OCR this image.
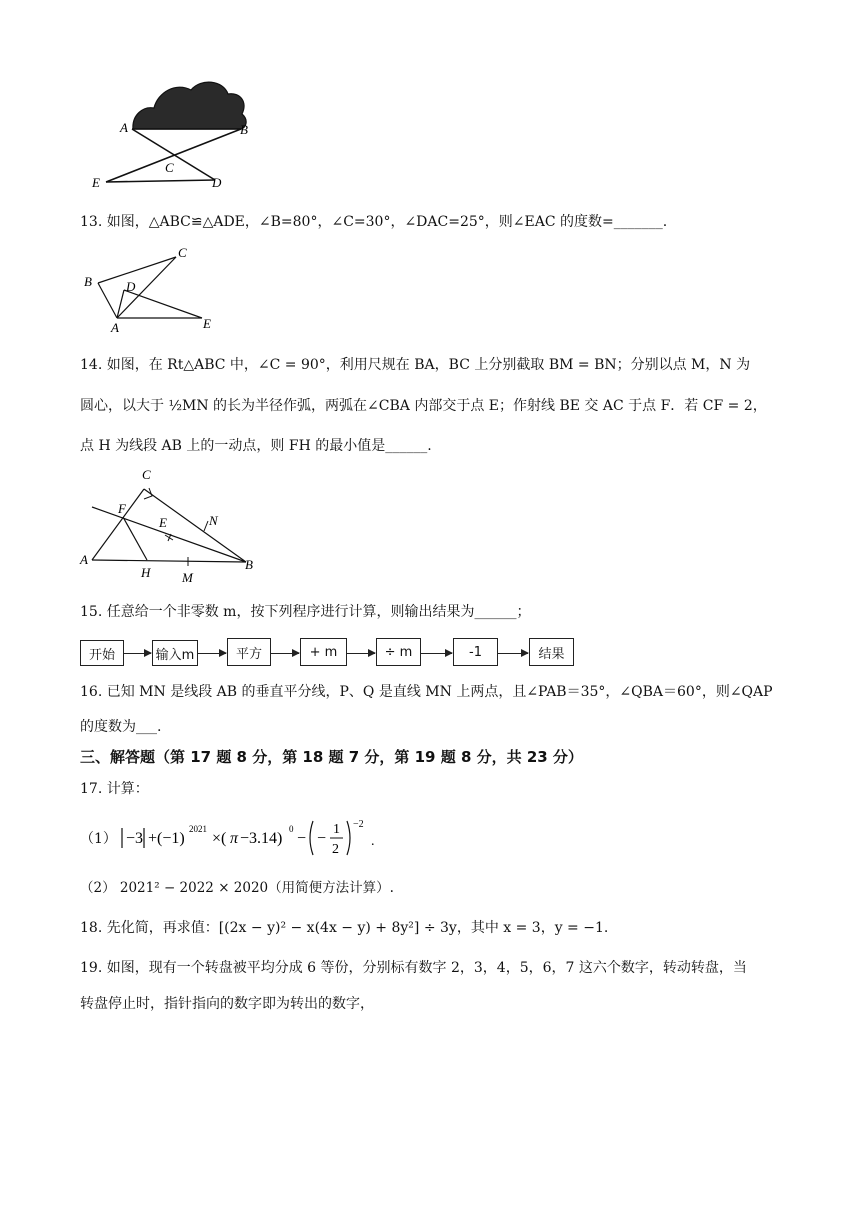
A	B
C
D
E
13. 如图，△ABC≌△ADE，∠B=80°，∠C=30°，∠DAC=25°，则∠EAC 的度数=_______.
B
C
D
A	E
14. 如图，在 Rt△ABC 中，∠C = 90°，利用尺规在 BA，BC 上分别截取 BM = BN；分别以点 M，N 为
圆心，以大于 ½MN 的长为半径作弧，两弧在∠CBA 内部交于点 E；作射线 BE 交 AC 于点 F．若 CF = 2，
点 H 为线段 AB 上的一动点，则 FH 的最小值是______.
C
F
E	N
A
H M
B
15. 任意给一个非零数 m，按下列程序进行计算，则输出结果为______；
开始	输入m	平方	+ m	÷ m	-1	结果
16. 已知 MN 是线段 AB 的垂直平分线，P、Q 是直线 MN 上两点，且∠PAB＝35°，∠QBA＝60°，则∠QAP
的度数为___.
三、解答题（第 17 题 8 分，第 18 题 7 分，第 19 题 8 分，共 23 分）
17. 计算：
（1） −3 +(−1)
2021
×( π −3.14)
0
− −
1
2
−2
.
（2） 2021² − 2022 × 2020（用简便方法计算）.
18. 先化简，再求值：[(2x − y)² − x(4x − y) + 8y²] ÷ 3y，其中 x = 3，y = −1.
19. 如图，现有一个转盘被平均分成 6 等份，分别标有数字 2，3，4，5，6，7 这六个数字，转动转盘，当
转盘停止时，指针指向的数字即为转出的数字，
